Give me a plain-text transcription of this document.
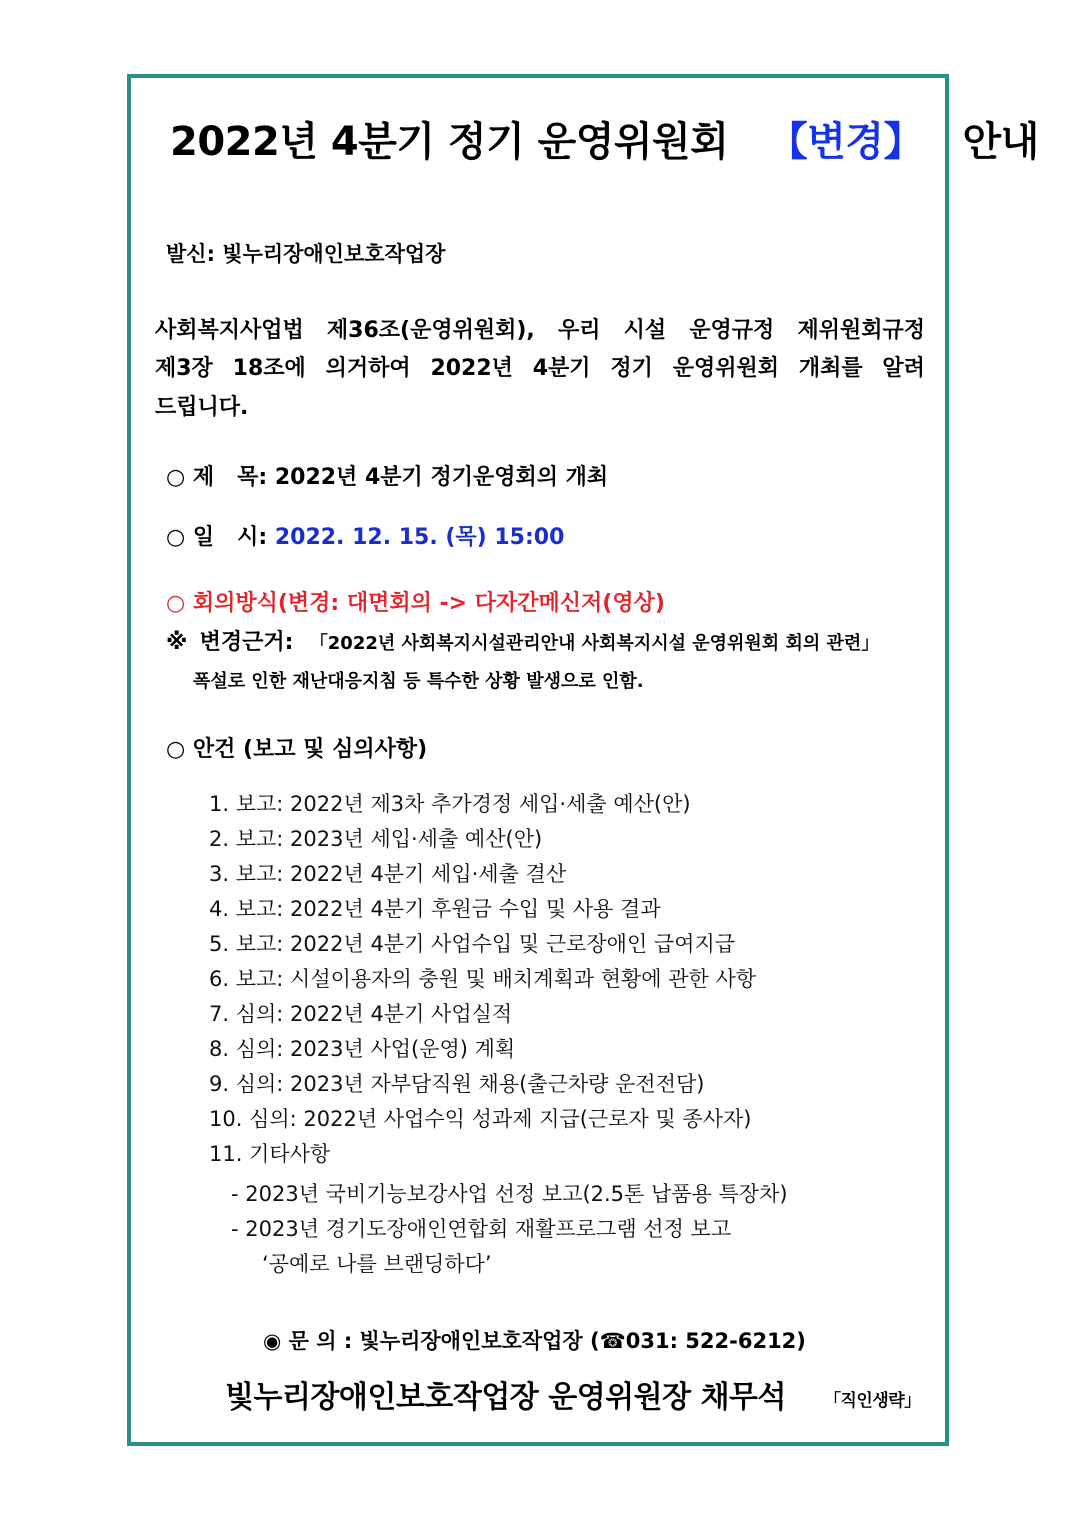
2022년 4분기 정기 운영위원회 【변경】 안내
발신: 빛누리장애인보호작업장
사회복지사업법 제36조(운영위원회), 우리 시설 운영규정 제위원회규정
제3장 18조에 의거하여 2022년 4분기 정기 운영위원회 개최를 알려
드립니다.
○ 제   목: 2022년 4분기 정기운영회의 개최
○ 일   시: 2022. 12. 15. (목) 15:00
○ 회의방식(변경: 대면회의 -> 다자간메신저(영상)
※ 변경근거: 「2022년 사회복지시설관리안내 사회복지시설 운영위원회 회의 관련」
폭설로 인한 재난대응지침 등 특수한 상황 발생으로 인함.
○ 안건 (보고 및 심의사항)
1. 보고: 2022년 제3차 추가경정 세입·세출 예산(안)
2. 보고: 2023년 세입·세출 예산(안)
3. 보고: 2022년 4분기 세입·세출 결산
4. 보고: 2022년 4분기 후원금 수입 및 사용 결과
5. 보고: 2022년 4분기 사업수입 및 근로장애인 급여지급
6. 보고: 시설이용자의 충원 및 배치계획과 현황에 관한 사항
7. 심의: 2022년 4분기 사업실적
8. 심의: 2023년 사업(운영) 계획
9. 심의: 2023년 자부담직원 채용(출근차량 운전전담)
10. 심의: 2022년 사업수익 성과제 지급(근로자 및 종사자)
11. 기타사항
- 2023년 국비기능보강사업 선정 보고(2.5톤 납품용 특장차)
- 2023년 경기도장애인연합회 재활프로그램 선정 보고
‘공예로 나를 브랜딩하다’
◉ 문 의 : 빛누리장애인보호작업장 (☎031: 522-6212)
빛누리장애인보호작업장 운영위원장 채무석 「직인생략」
